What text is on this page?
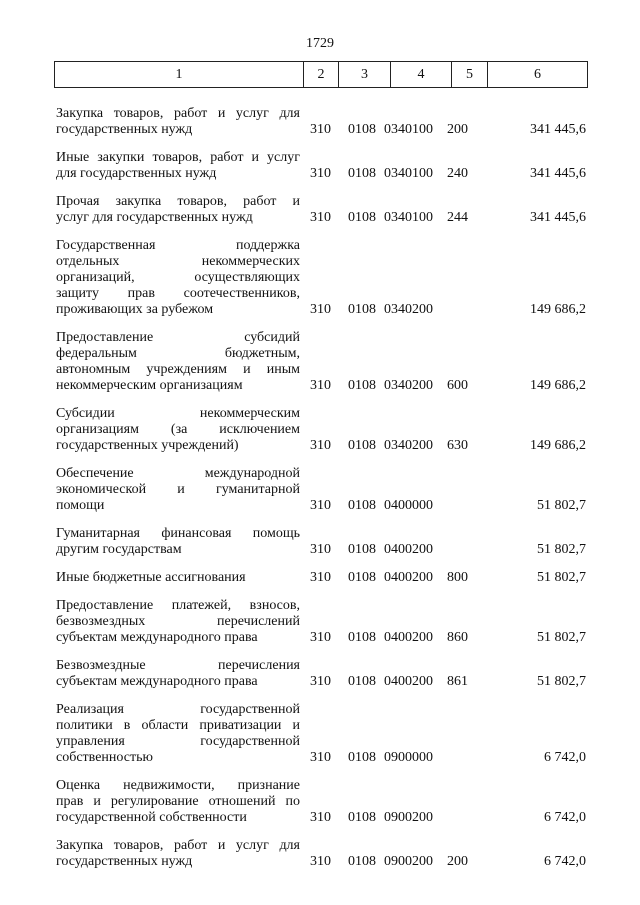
1729
1	2	3	4	5	6
Закупка товаров, работ и услуг для
государственных нужд	310 0108 0340100 200	341 445,6
Иные закупки товаров, работ и услуг
для государственных нужд	310 0108 0340100 240	341 445,6
Прочая закупка товаров, работ и
услуг для государственных нужд	310 0108 0340100 244	341 445,6
Государственная поддержка
отдельных некоммерческих
организаций, осуществляющих
защиту прав соотечественников,
проживающих за рубежом	310 0108 0340200	149 686,2
Предоставление субсидий
федеральным бюджетным,
автономным учреждениям и иным
некоммерческим организациям	310 0108 0340200 600	149 686,2
Субсидии некоммерческим
организациям (за исключением
государственных учреждений)	310 0108 0340200 630	149 686,2
Обеспечение международной
экономической и гуманитарной
помощи	310 0108 0400000	51 802,7
Гуманитарная финансовая помощь
другим государствам	310 0108 0400200	51 802,7
Иные бюджетные ассигнования	310 0108 0400200 800	51 802,7
Предоставление платежей, взносов,
безвозмездных перечислений
субъектам международного права	310 0108 0400200 860	51 802,7
Безвозмездные перечисления
субъектам международного права	310 0108 0400200 861	51 802,7
Реализация государственной
политики в области приватизации и
управления государственной
собственностью	310 0108 0900000	6 742,0
Оценка недвижимости, признание
прав и регулирование отношений по
государственной собственности	310 0108 0900200	6 742,0
Закупка товаров, работ и услуг для
государственных нужд	310 0108 0900200 200	6 742,0
